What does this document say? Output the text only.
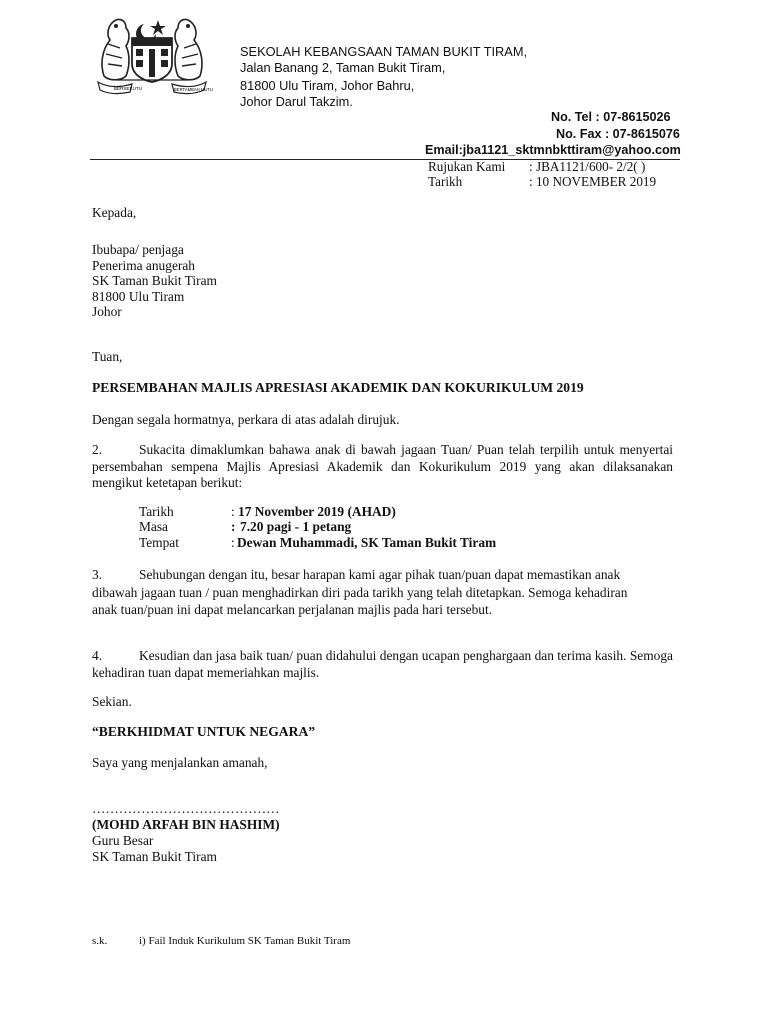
BERSEKUTU	BERTAMBAH MUTU
SEKOLAH KEBANGSAAN TAMAN BUKIT TIRAM,
Jalan Banang 2, Taman Bukit Tiram,
81800 Ulu Tiram, Johor Bahru,
Johor Darul Takzim.
No. Tel : 07-8615026
No. Fax : 07-8615076
Email:jba1121_sktmnbkttiram@yahoo.com
Rujukan Kami : JBA1121/600- 2/2( )
Tarikh	: 10 NOVEMBER 2019
Kepada,
Ibubapa/ penjaga
Penerima anugerah
SK Taman Bukit Tiram
81800 Ulu Tiram
Johor
Tuan,
PERSEMBAHAN MAJLIS APRESIASI AKADEMIK DAN KOKURIKULUM 2019
Dengan segala hormatnya, perkara di atas adalah dirujuk.
2.	Sukacita dimaklumkan bahawa anak di bawah jagaan Tuan/ Puan telah terpilih untuk menyertai persembahan sempena Majlis Apresiasi Akademik dan Kokurikulum 2019 yang akan dilaksanakan mengikut ketetapan berikut:
Tarikh	: 17 November 2019 (AHAD)
Masa	: 7.20 pagi - 1 petang
Tempat	: Dewan Muhammadi, SK Taman Bukit Tiram
3.	Sehubungan dengan itu, besar harapan kami agar pihak tuan/puan dapat memastikan anak
dibawah jagaan tuan / puan menghadirkan diri pada tarikh yang telah ditetapkan. Semoga kehadiran
anak tuan/puan ini dapat melancarkan perjalanan majlis pada hari tersebut.
4.	Kesudian dan jasa baik tuan/ puan didahului dengan ucapan penghargaan dan terima kasih. Semoga kehadiran tuan dapat memeriahkan majlis.
Sekian.
“BERKHIDMAT UNTUK NEGARA”
Saya yang menjalankan amanah,
……………………………………
(MOHD ARFAH BIN HASHIM)
Guru Besar
SK Taman Bukit Tiram
s.k.	i) Fail Induk Kurikulum SK Taman Bukit Tiram
